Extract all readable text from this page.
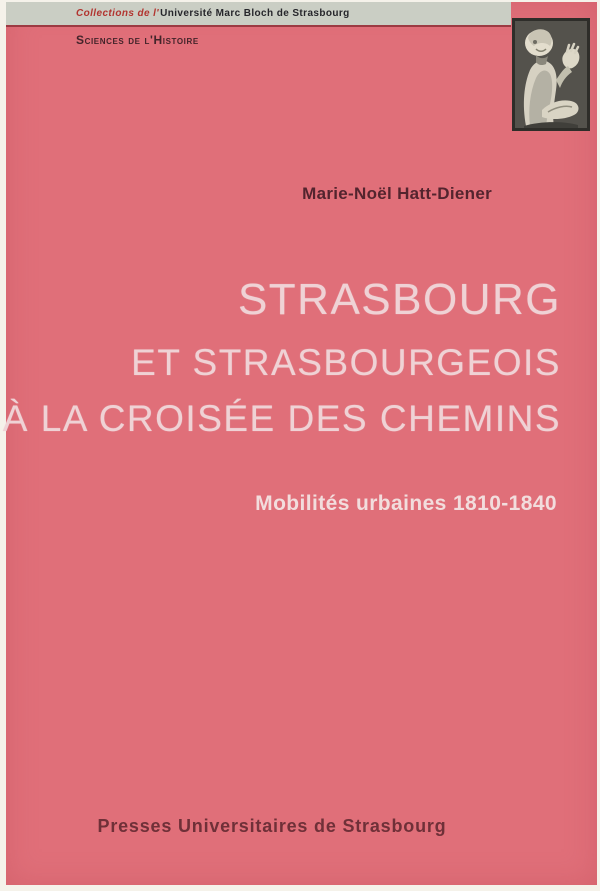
Collections de l'Université Marc Bloch de Strasbourg
Sciences de l'Histoire
Marie-Noël Hatt-Diener
STRASBOURG
ET STRASBOURGEOIS
À LA CROISÉE DES CHEMINS
Mobilités urbaines 1810-1840
Presses Universitaires de Strasbourg
